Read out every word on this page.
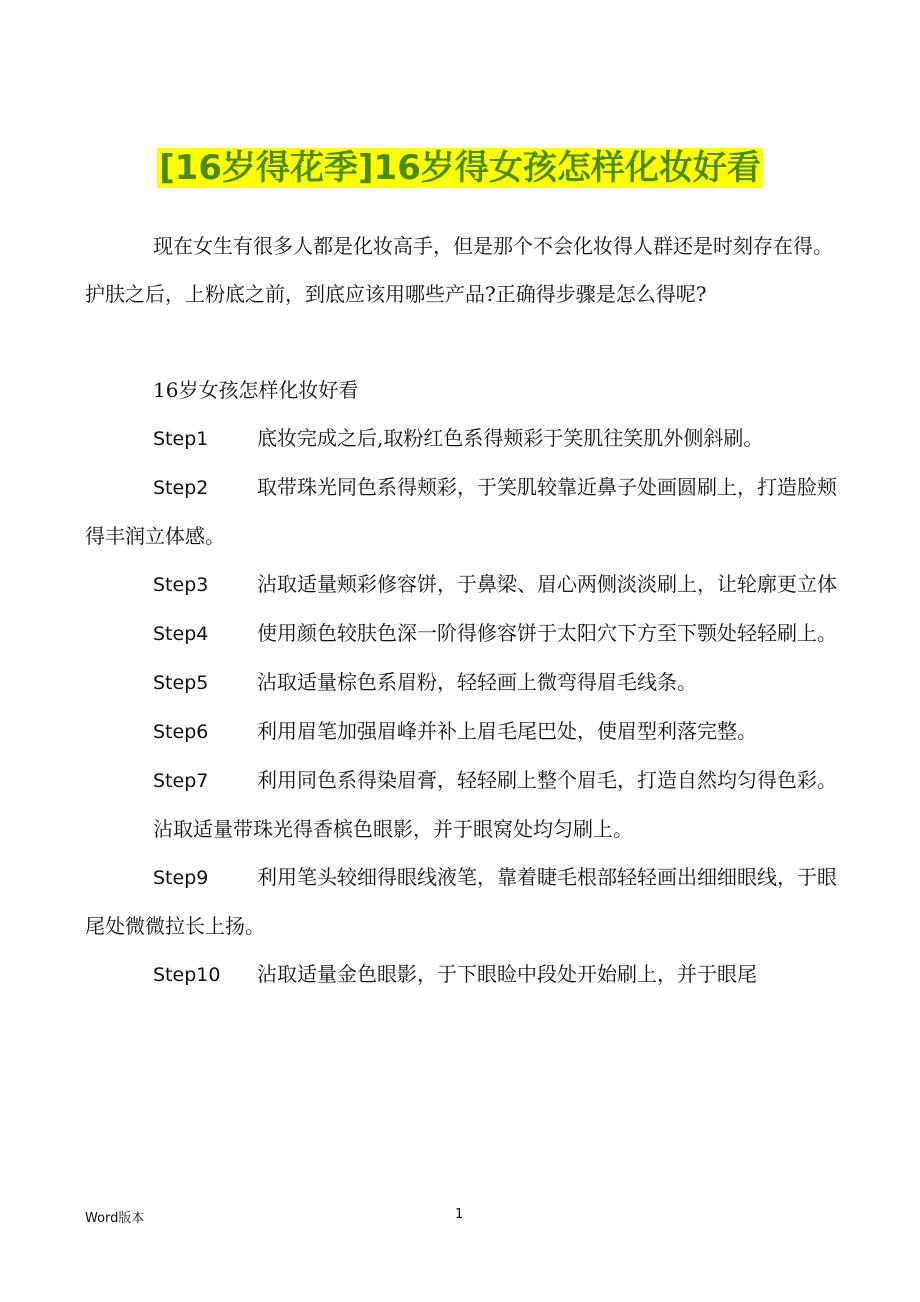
[16岁得花季]16岁得女孩怎样化妆好看

现在女生有很多人都是化妆高手，但是那个不会化妆得人群还是时刻存在得。护肤之后，上粉底之前，到底应该用哪些产品?正确得步骤是怎么得呢?

16岁女孩怎样化妆好看

Step1 底妆完成之后,取粉红色系得颊彩于笑肌往笑肌外侧斜刷。

Step2 取带珠光同色系得颊彩，于笑肌较靠近鼻子处画圆刷上，打造脸颊得丰润立体感。

Step3 沾取适量颊彩修容饼，于鼻梁、眉心两侧淡淡刷上，让轮廓更立体

Step4 使用颜色较肤色深一阶得修容饼于太阳穴下方至下颚处轻轻刷上。

Step5 沾取适量棕色系眉粉，轻轻画上微弯得眉毛线条。

Step6 利用眉笔加强眉峰并补上眉毛尾巴处，使眉型利落完整。

Step7 利用同色系得染眉膏，轻轻刷上整个眉毛，打造自然均匀得色彩。

沾取适量带珠光得香槟色眼影，并于眼窝处均匀刷上。

Step9 利用笔头较细得眼线液笔，靠着睫毛根部轻轻画出细细眼线，于眼尾处微微拉长上扬。

Step10 沾取适量金色眼影，于下眼睑中段处开始刷上，并于眼尾

Word版本	1
